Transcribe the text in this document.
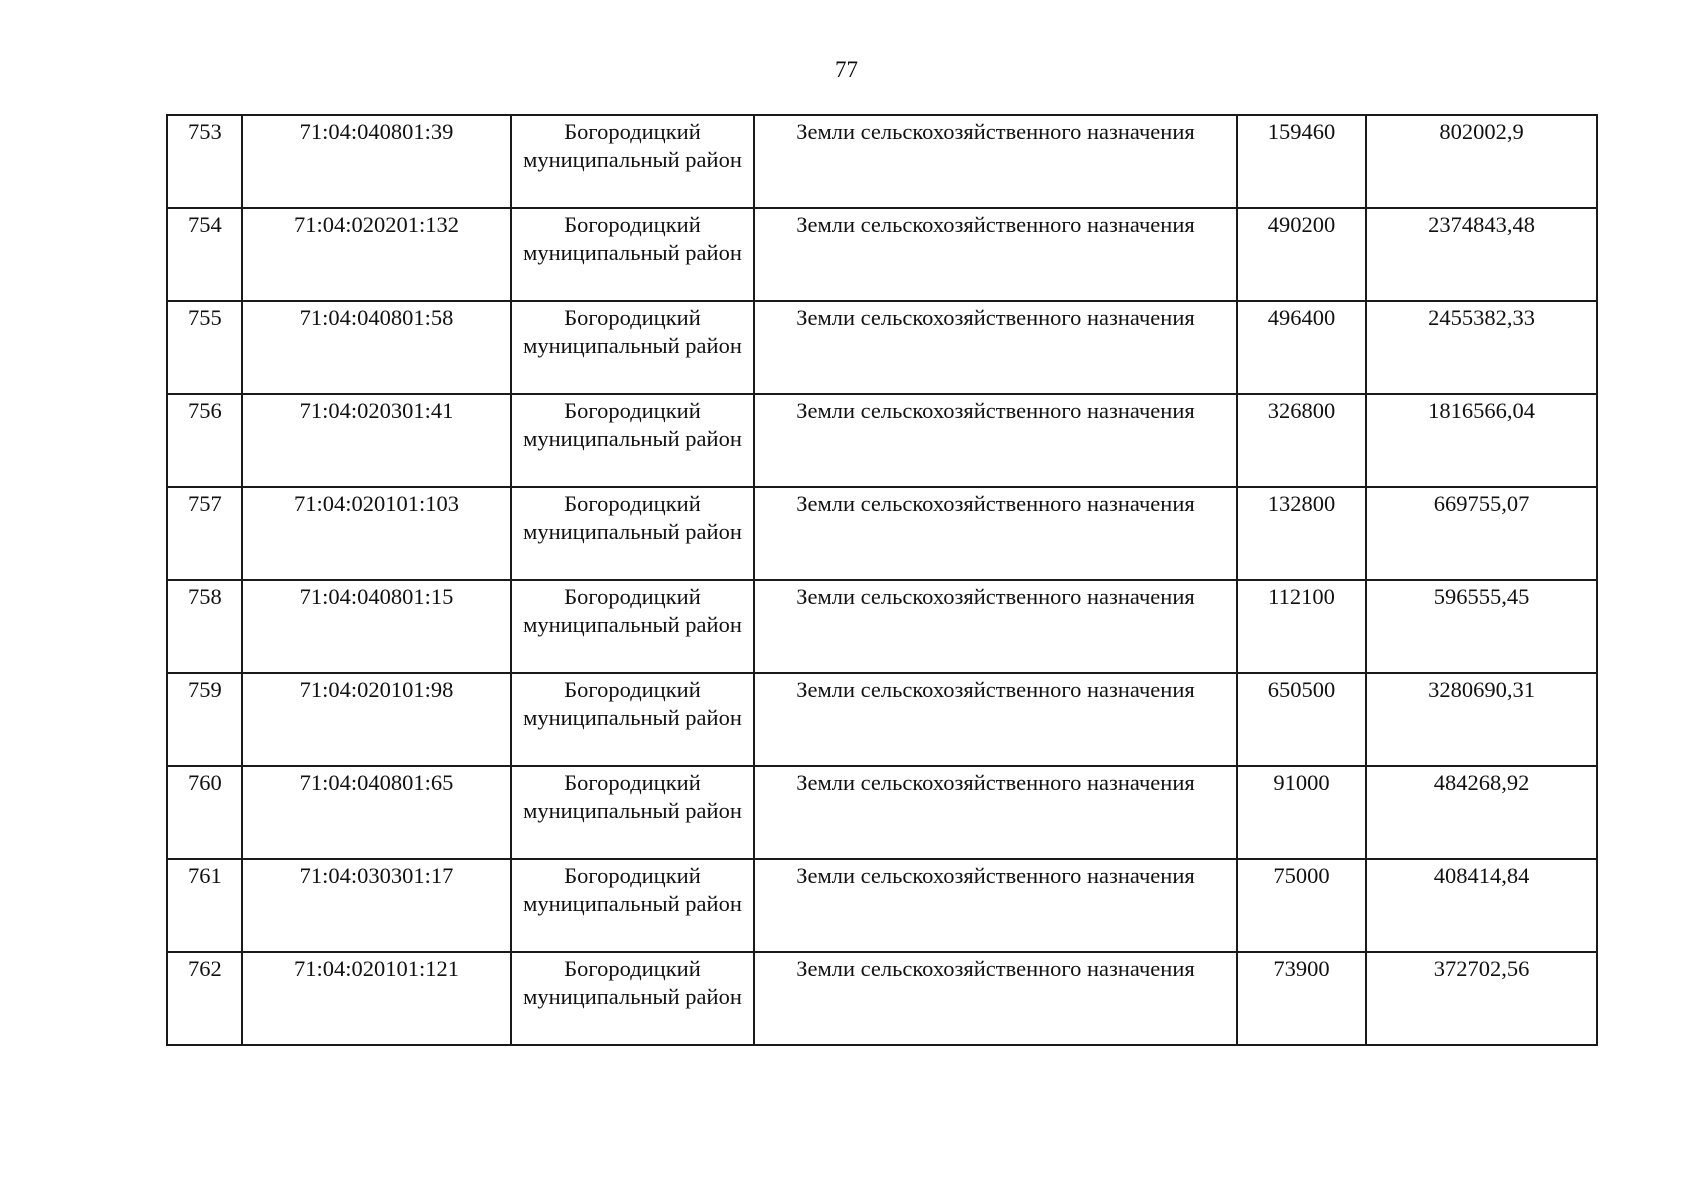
77
753	71:04:040801:39	Богородицкий муниципальный район	Земли сельскохозяйственного назначения	159460	802002,9
754	71:04:020201:132	Богородицкий муниципальный район	Земли сельскохозяйственного назначения	490200	2374843,48
755	71:04:040801:58	Богородицкий муниципальный район	Земли сельскохозяйственного назначения	496400	2455382,33
756	71:04:020301:41	Богородицкий муниципальный район	Земли сельскохозяйственного назначения	326800	1816566,04
757	71:04:020101:103	Богородицкий муниципальный район	Земли сельскохозяйственного назначения	132800	669755,07
758	71:04:040801:15	Богородицкий муниципальный район	Земли сельскохозяйственного назначения	112100	596555,45
759	71:04:020101:98	Богородицкий муниципальный район	Земли сельскохозяйственного назначения	650500	3280690,31
760	71:04:040801:65	Богородицкий муниципальный район	Земли сельскохозяйственного назначения	91000	484268,92
761	71:04:030301:17	Богородицкий муниципальный район	Земли сельскохозяйственного назначения	75000	408414,84
762	71:04:020101:121	Богородицкий муниципальный район	Земли сельскохозяйственного назначения	73900	372702,56
